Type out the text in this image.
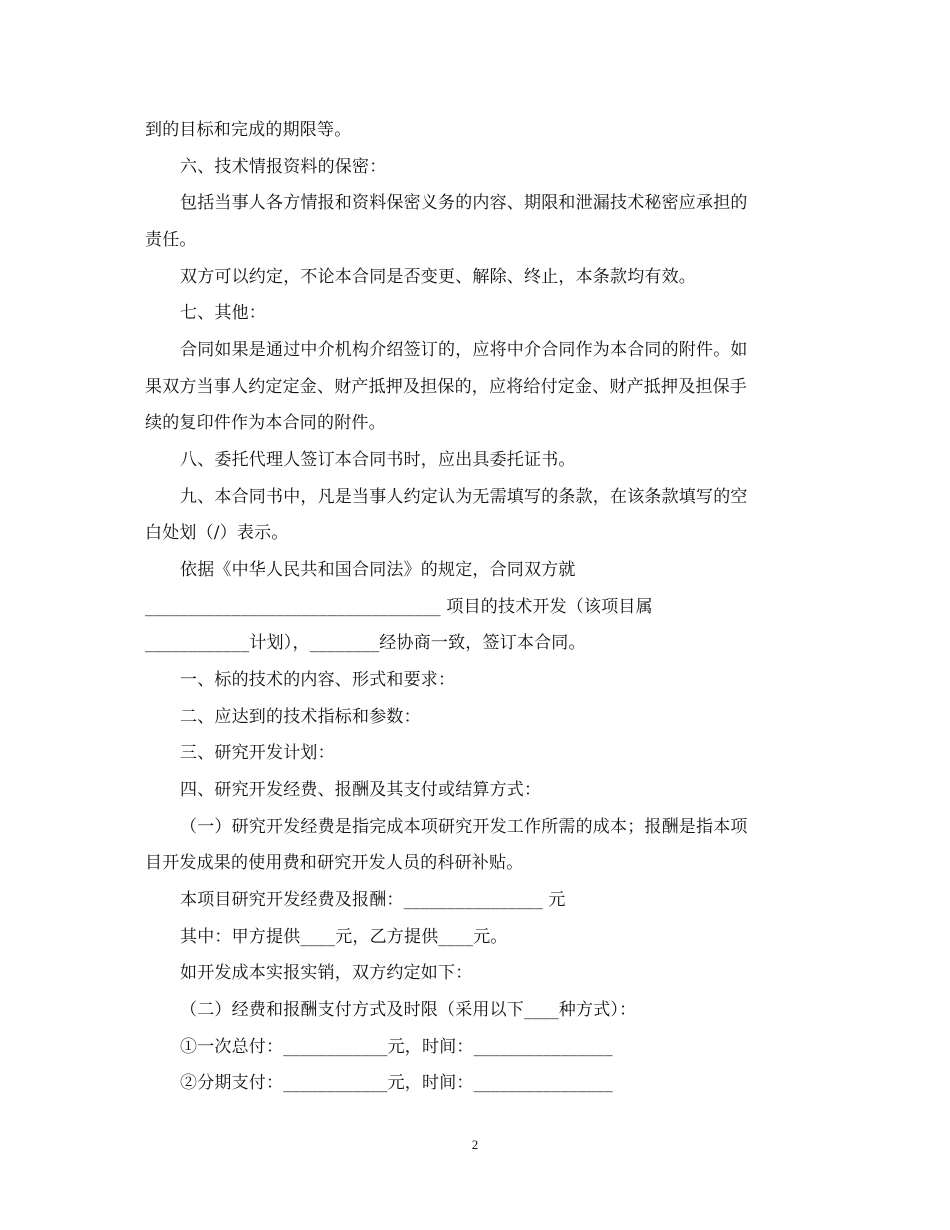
到的目标和完成的期限等。
六、技术情报资料的保密：
包括当事人各方情报和资料保密义务的内容、期限和泄漏技术秘密应承担的
责任。
双方可以约定，不论本合同是否变更、解除、终止，本条款均有效。
七、其他：
合同如果是通过中介机构介绍签订的，应将中介合同作为本合同的附件。如
果双方当事人约定定金、财产抵押及担保的，应将给付定金、财产抵押及担保手
续的复印件作为本合同的附件。
八、委托代理人签订本合同书时，应出具委托证书。
九、本合同书中，凡是当事人约定认为无需填写的条款，在该条款填写的空
白处划（/）表示。
依据《中华人民共和国合同法》的规定，合同双方就
__________________________________ 项目的技术开发（该项目属
____________计划），________经协商一致，签订本合同。
一、标的技术的内容、形式和要求：
二、应达到的技术指标和参数：
三、研究开发计划：
四、研究开发经费、报酬及其支付或结算方式：
（一）研究开发经费是指完成本项研究开发工作所需的成本；报酬是指本项
目开发成果的使用费和研究开发人员的科研补贴。
本项目研究开发经费及报酬：________________ 元
其中：甲方提供____元，乙方提供____元。
如开发成本实报实销，双方约定如下：
（二）经费和报酬支付方式及时限（采用以下____种方式）：
①一次总付：____________元，时间：________________
②分期支付：____________元，时间：________________
2
